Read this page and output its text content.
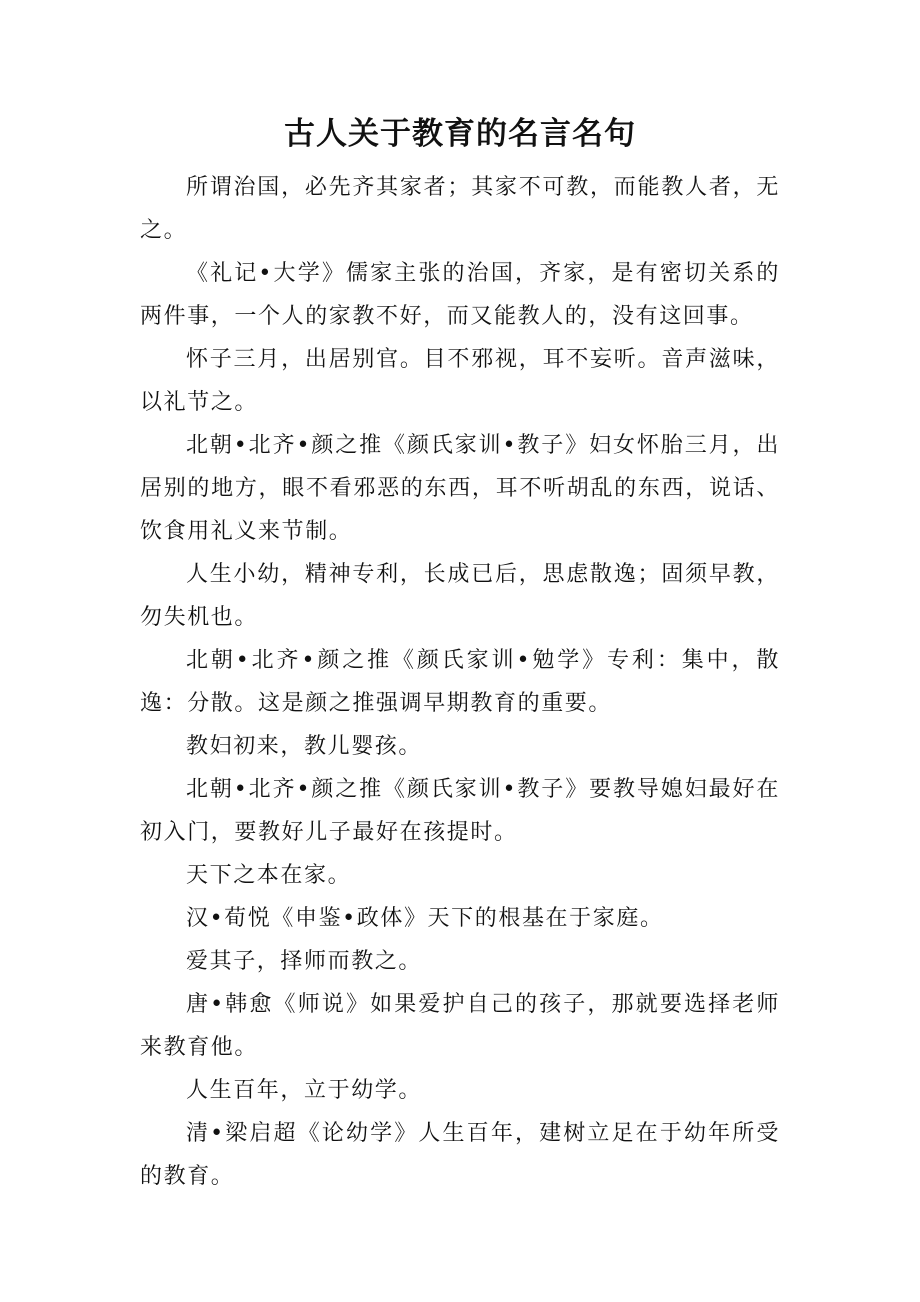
古人关于教育的名言名句

所谓治国，必先齐其家者；其家不可教，而能教人者，无之。

《礼记•大学》儒家主张的治国，齐家，是有密切关系的两件事，一个人的家教不好，而又能教人的，没有这回事。

怀子三月，出居别官。目不邪视，耳不妄听。音声滋味，以礼节之。

北朝•北齐•颜之推《颜氏家训•教子》妇女怀胎三月，出居别的地方，眼不看邪恶的东西，耳不听胡乱的东西，说话、饮食用礼义来节制。

人生小幼，精神专利，长成已后，思虑散逸；固须早教，勿失机也。

北朝•北齐•颜之推《颜氏家训•勉学》专利：集中，散逸：分散。这是颜之推强调早期教育的重要。

教妇初来，教儿婴孩。

北朝•北齐•颜之推《颜氏家训•教子》要教导媳妇最好在初入门，要教好儿子最好在孩提时。

天下之本在家。

汉•荀悦《申鉴•政体》天下的根基在于家庭。

爱其子，择师而教之。

唐•韩愈《师说》如果爱护自己的孩子，那就要选择老师来教育他。

人生百年，立于幼学。

清•梁启超《论幼学》人生百年，建树立足在于幼年所受的教育。
